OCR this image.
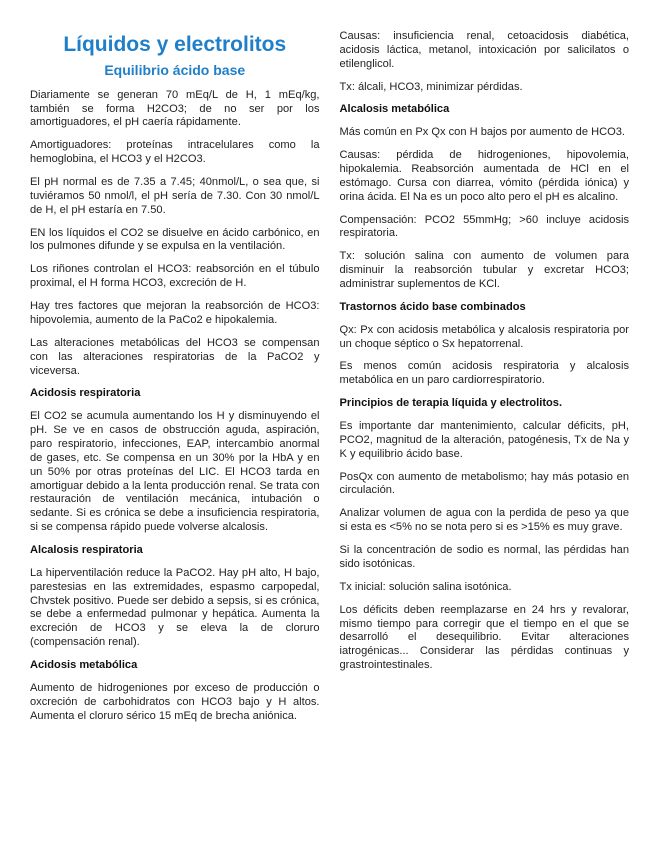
Líquidos y electrolitos
Equilibrio ácido base

Diariamente se generan 70 mEq/L de H, 1 mEq/kg, también se forma H2CO3; de no ser por los amortiguadores, el pH caería rápidamente.

Amortiguadores: proteínas intracelulares como la hemoglobina, el HCO3 y el H2CO3.

El pH normal es de 7.35 a 7.45; 40nmol/L, o sea que, si tuviéramos 50 nmol/l, el pH sería de 7.30. Con 30 nmol/L de H, el pH estaría en 7.50.

EN los líquidos el CO2 se disuelve en ácido carbónico, en los pulmones difunde y se expulsa en la ventilación.

Los riñones controlan el HCO3: reabsorción en el túbulo proximal, el H forma HCO3, excreción de H.

Hay tres factores que mejoran la reabsorción de HCO3: hipovolemia, aumento de la PaCo2 e hipokalemia.

Las alteraciones metabólicas del HCO3 se compensan con las alteraciones respiratorias de la PaCO2 y viceversa.

Acidosis respiratoria

El CO2 se acumula aumentando los H y disminuyendo el pH. Se ve en casos de obstrucción aguda, aspiración, paro respiratorio, infecciones, EAP, intercambio anormal de gases, etc. Se compensa en un 30% por la HbA y en un 50% por otras proteínas del LIC. El HCO3 tarda en amortiguar debido a la lenta producción renal. Se trata con restauración de ventilación mecánica, intubación o sedante. Si es crónica se debe a insuficiencia respiratoria, si se compensa rápido puede volverse alcalosis.

Alcalosis respiratoria

La hiperventilación reduce la PaCO2. Hay pH alto, H bajo, parestesias en las extremidades, espasmo carpopedal, Chvstek positivo. Puede ser debido a sepsis, si es crónica, se debe a enfermedad pulmonar y hepática. Aumenta la excreción de HCO3 y se eleva la de cloruro (compensación renal).

Acidosis metabólica

Aumento de hidrogeniones por exceso de producción o oxcreción de carbohidratos con HCO3 bajo y H altos. Aumenta el cloruro sérico 15 mEq de brecha aniónica.

Causas: insuficiencia renal, cetoacidosis diabética, acidosis láctica, metanol, intoxicación por salicilatos o etilenglicol.

Tx: álcali, HCO3, minimizar pérdidas.

Alcalosis metabólica

Más común en Px Qx con H bajos por aumento de HCO3.

Causas: pérdida de hidrogeniones, hipovolemia, hipokalemia. Reabsorción aumentada de HCl en el estómago. Cursa con diarrea, vómito (pérdida iónica) y orina ácida. El Na es un poco alto pero el pH es alcalino.

Compensación: PCO2 55mmHg; >60 incluye acidosis respiratoria.

Tx: solución salina con aumento de volumen para disminuir la reabsorción tubular y excretar HCO3; administrar suplementos de KCl.

Trastornos ácido base combinados

Qx: Px con acidosis metabólica y alcalosis respiratoria por un choque séptico o Sx hepatorrenal.

Es menos común acidosis respiratoria y alcalosis metabólica en un paro cardiorrespiratorio.

Principios de terapia líquida y electrolitos.

Es importante dar mantenimiento, calcular déficits, pH, PCO2, magnitud de la alteración, patogénesis, Tx de Na y K y equilibrio ácido base.

PosQx con aumento de metabolismo; hay más potasio en circulación.

Analizar volumen de agua con la perdida de peso ya que si esta es <5% no se nota pero si es >15% es muy grave.

Si la concentración de sodio es normal, las pérdidas han sido isotónicas.

Tx inicial: solución salina isotónica.

Los déficits deben reemplazarse en 24 hrs y revalorar, mismo tiempo para corregir que el tiempo en el que se desarrolló el desequilibrio. Evitar alteraciones iatrogénicas... Considerar las pérdidas continuas y grastrointestinales.
